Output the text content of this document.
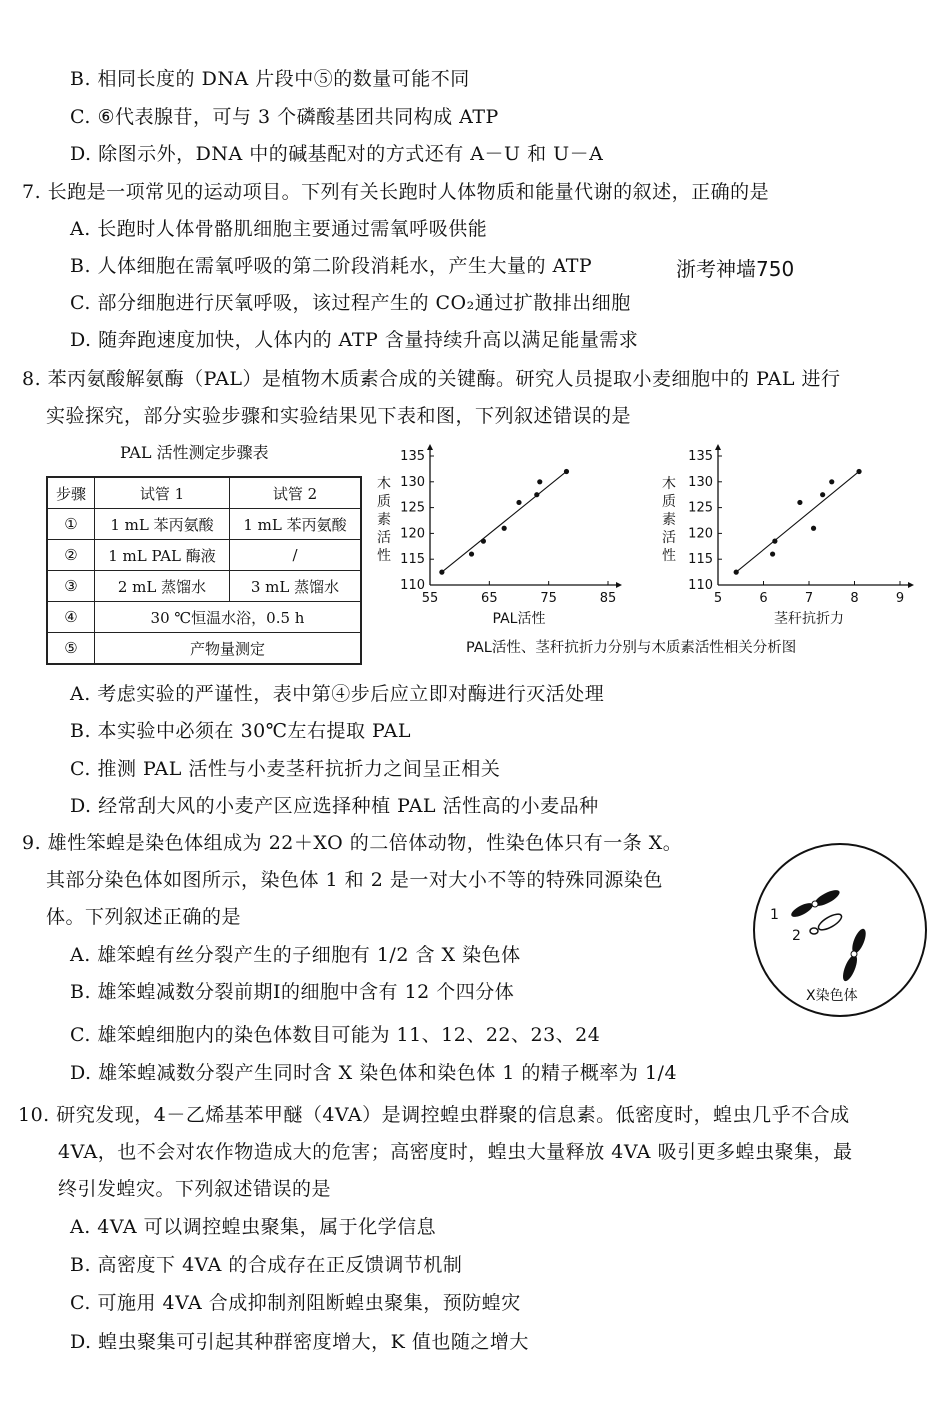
B. 相同长度的 DNA 片段中⑤的数量可能不同
C. ⑥代表腺苷，可与 3 个磷酸基团共同构成 ATP
D. 除图示外，DNA 中的碱基配对的方式还有 A－U 和 U－A
7. 长跑是一项常见的运动项目。下列有关长跑时人体物质和能量代谢的叙述，正确的是
A. 长跑时人体骨骼肌细胞主要通过需氧呼吸供能
B. 人体细胞在需氧呼吸的第二阶段消耗水，产生大量的 ATP	浙考神墙750
C. 部分细胞进行厌氧呼吸，该过程产生的 CO₂通过扩散排出细胞
D. 随奔跑速度加快，人体内的 ATP 含量持续升高以满足能量需求
8. 苯丙氨酸解氨酶（PAL）是植物木质素合成的关键酶。研究人员提取小麦细胞中的 PAL 进行
实验探究，部分实验步骤和实验结果见下表和图，下列叙述错误的是
PAL 活性测定步骤表
步骤	试管 1	试管 2
①	1 mL 苯丙氨酸	1 mL 苯丙氨酸
②	1 mL PAL 酶液	/
③	2 mL 蒸馏水	3 mL 蒸馏水
④	30 ℃恒温水浴，0.5 h	
⑤	产物量测定	
55	65	75	85
110
115
120
125
130
135
PAL活性
木质素活性
5	6	7	8	9
110
115
120
125
130
135
茎秆抗折力
木质素活性
PAL活性、茎秆抗折力分别与木质素活性相关分析图
A. 考虑实验的严谨性，表中第④步后应立即对酶进行灭活处理
B. 本实验中必须在 30℃左右提取 PAL
C. 推测 PAL 活性与小麦茎秆抗折力之间呈正相关
D. 经常刮大风的小麦产区应选择种植 PAL 活性高的小麦品种
9. 雄性笨蝗是染色体组成为 22＋XO 的二倍体动物，性染色体只有一条 X。
其部分染色体如图所示，染色体 1 和 2 是一对大小不等的特殊同源染色
体。下列叙述正确的是
A. 雄笨蝗有丝分裂产生的子细胞有 1/2 含 X 染色体
B. 雄笨蝗减数分裂前期Ⅰ的细胞中含有 12 个四分体
C. 雄笨蝗细胞内的染色体数目可能为 11、12、22、23、24
D. 雄笨蝗减数分裂产生同时含 X 染色体和染色体 1 的精子概率为 1/4
1
2
X染色体
10. 研究发现，4－乙烯基苯甲醚（4VA）是调控蝗虫群聚的信息素。低密度时，蝗虫几乎不合成
4VA，也不会对农作物造成大的危害；高密度时，蝗虫大量释放 4VA 吸引更多蝗虫聚集，最
终引发蝗灾。下列叙述错误的是
A. 4VA 可以调控蝗虫聚集，属于化学信息
B. 高密度下 4VA 的合成存在正反馈调节机制
C. 可施用 4VA 合成抑制剂阻断蝗虫聚集，预防蝗灾
D. 蝗虫聚集可引起其种群密度增大，K 值也随之增大
